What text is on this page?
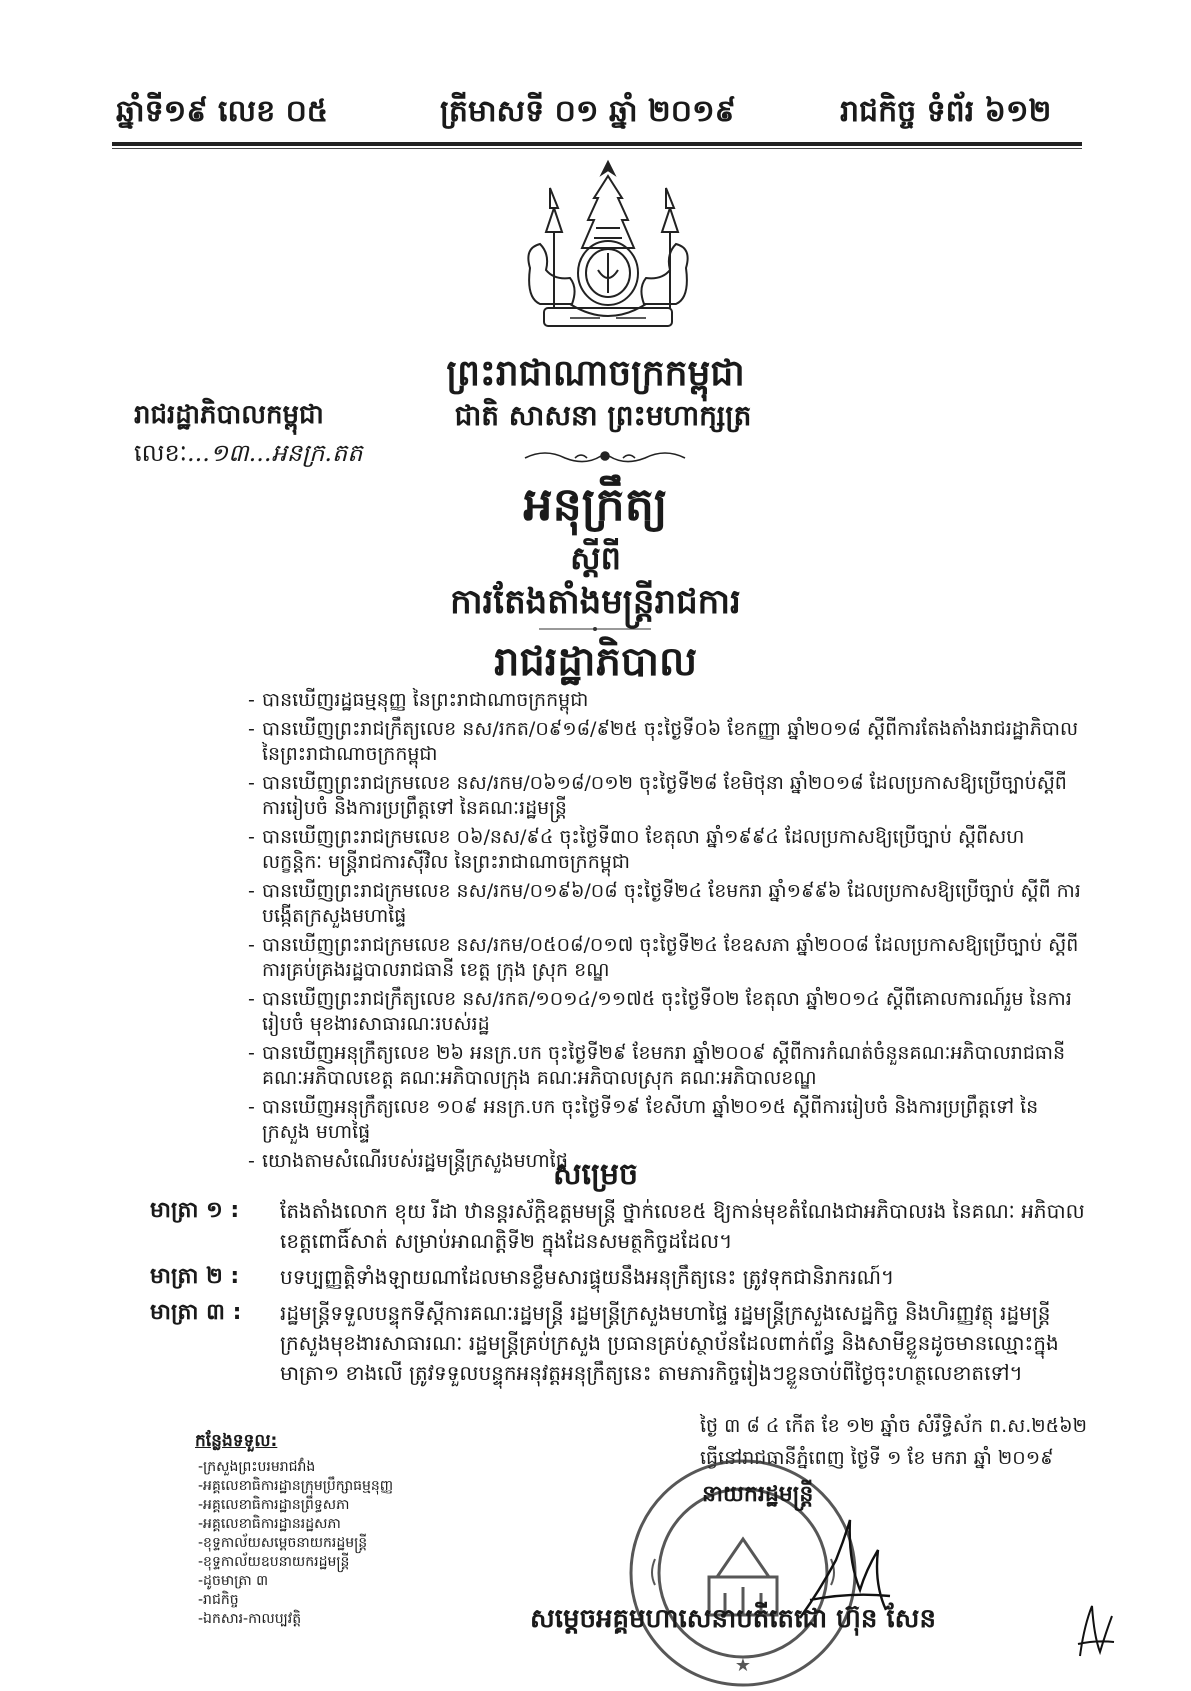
ឆ្នាំទី១៩ លេខ ០៥	ត្រីមាសទី ០១ ឆ្នាំ ២០១៩	រាជកិច្ច ទំព័រ ៦១២
ព្រះរាជាណាចក្រកម្ពុជា
ជាតិ សាសនា ព្រះមហាក្សត្រ
រាជរដ្ឋាភិបាលកម្ពុជា
លេខៈ...១៣...អនក្រ.តត
អនុក្រឹត្យ
ស្តីពី
ការតែងតាំងមន្ត្រីរាជការ
រាជរដ្ឋាភិបាល
- បានឃើញរដ្ឋធម្មនុញ្ញ នៃព្រះរាជាណាចក្រកម្ពុជា
- បានឃើញព្រះរាជក្រឹត្យលេខ នស/រកត/០៩១៨/៩២៥ ចុះថ្ងៃទី០៦ ខែកញ្ញា ឆ្នាំ២០១៨ ស្តីពីការតែងតាំងរាជរដ្ឋាភិបាល នៃព្រះរាជាណាចក្រកម្ពុជា
- បានឃើញព្រះរាជក្រមលេខ នស/រកម/០៦១៨/០១២ ចុះថ្ងៃទី២៨ ខែមិថុនា ឆ្នាំ២០១៨ ដែលប្រកាសឱ្យប្រើច្បាប់ស្តីពីការរៀបចំ និងការប្រព្រឹត្តទៅ នៃគណៈរដ្ឋមន្ត្រី
- បានឃើញព្រះរាជក្រមលេខ ០៦/នស/៩៤ ចុះថ្ងៃទី៣០ ខែតុលា ឆ្នាំ១៩៩៤ ដែលប្រកាសឱ្យប្រើច្បាប់ ស្តីពីសហលក្ខន្តិកៈ មន្ត្រីរាជការស៊ីវិល នៃព្រះរាជាណាចក្រកម្ពុជា
- បានឃើញព្រះរាជក្រមលេខ នស/រកម/០១៩៦/០៨ ចុះថ្ងៃទី២៤ ខែមករា ឆ្នាំ១៩៩៦ ដែលប្រកាសឱ្យប្រើច្បាប់ ស្តីពី ការបង្កើតក្រសួងមហាផ្ទៃ
- បានឃើញព្រះរាជក្រមលេខ នស/រកម/០៥០៨/០១៧ ចុះថ្ងៃទី២៤ ខែឧសភា ឆ្នាំ២០០៨ ដែលប្រកាសឱ្យប្រើច្បាប់ ស្តីពី ការគ្រប់គ្រងរដ្ឋបាលរាជធានី ខេត្ត ក្រុង ស្រុក ខណ្ឌ
- បានឃើញព្រះរាជក្រឹត្យលេខ នស/រកត/១០១៤/១១៧៥ ចុះថ្ងៃទី០២ ខែតុលា ឆ្នាំ២០១៤ ស្តីពីគោលការណ៍រួម នៃការរៀបចំ មុខងារសាធារណៈរបស់រដ្ឋ
- បានឃើញអនុក្រឹត្យលេខ ២៦ អនក្រ.បក ចុះថ្ងៃទី២៩ ខែមករា ឆ្នាំ២០០៩ ស្តីពីការកំណត់ចំនួនគណៈអភិបាលរាជធានី គណៈអភិបាលខេត្ត គណៈអភិបាលក្រុង គណៈអភិបាលស្រុក គណៈអភិបាលខណ្ឌ
- បានឃើញអនុក្រឹត្យលេខ ១០៩ អនក្រ.បក ចុះថ្ងៃទី១៩ ខែសីហា ឆ្នាំ២០១៥ ស្តីពីការរៀបចំ និងការប្រព្រឹត្តទៅ នៃក្រសួង មហាផ្ទៃ
- យោងតាមសំណើរបស់រដ្ឋមន្ត្រីក្រសួងមហាផ្ទៃ
សម្រេច
មាត្រា ១ :	តែងតាំងលោក ខុយ រីដា ឋានន្តរស័ក្តិឧត្តមមន្ត្រី ថ្នាក់លេខ៥ ឱ្យកាន់មុខតំណែងជាអភិបាលរង នៃគណៈ អភិបាលខេត្តពោធិ៍សាត់ សម្រាប់អាណត្តិទី២ ក្នុងដែនសមត្ថកិច្ចដដែល។
មាត្រា ២ :	បទប្បញ្ញត្តិទាំងឡាយណាដែលមានខ្លឹមសារផ្ទុយនឹងអនុក្រឹត្យនេះ ត្រូវទុកជានិរាករណ៍។
មាត្រា ៣ :	រដ្ឋមន្ត្រីទទួលបន្ទុកទីស្តីការគណៈរដ្ឋមន្ត្រី រដ្ឋមន្ត្រីក្រសួងមហាផ្ទៃ រដ្ឋមន្ត្រីក្រសួងសេដ្ឋកិច្ច និងហិរញ្ញវត្ថុ រដ្ឋមន្ត្រី ក្រសួងមុខងារសាធារណៈ រដ្ឋមន្ត្រីគ្រប់ក្រសួង ប្រធានគ្រប់ស្ថាប័នដែលពាក់ព័ន្ធ និងសាមីខ្លួនដូចមានឈ្មោះក្នុង មាត្រា១ ខាងលើ ត្រូវទទួលបន្ទុកអនុវត្តអនុក្រឹត្យនេះ តាមភារកិច្ចរៀងៗខ្លួនចាប់ពីថ្ងៃចុះហត្ថលេខាតទៅ។
ថ្ងៃ ៣ ៨ ៤ កើត ខែ ១២ ឆ្នាំច សំរឹទ្ធិស័ក ព.ស.២៥៦២
ធ្វើនៅរាជធានីភ្នំពេញ ថ្ងៃទី ១ ខែ មករា ឆ្នាំ ២០១៩
★
នាយករដ្ឋមន្ត្រី
កន្លែងទទួល:
-ក្រសួងព្រះបរមរាជវាំង
-អគ្គលេខាធិការដ្ឋានក្រុមប្រឹក្សាធម្មនុញ្ញ
-អគ្គលេខាធិការដ្ឋានព្រឹទ្ធសភា
-អគ្គលេខាធិការដ្ឋានរដ្ឋសភា
-ខុទ្ទកាល័យសម្តេចនាយករដ្ឋមន្ត្រី
-ខុទ្ទកាល័យឧបនាយករដ្ឋមន្ត្រី
-ដូចមាត្រា ៣
-រាជកិច្ច
-ឯកសារ-កាលប្បវត្តិ	សម្តេចអគ្គមហាសេនាបតីតេជោ ហ៊ុន សែន
